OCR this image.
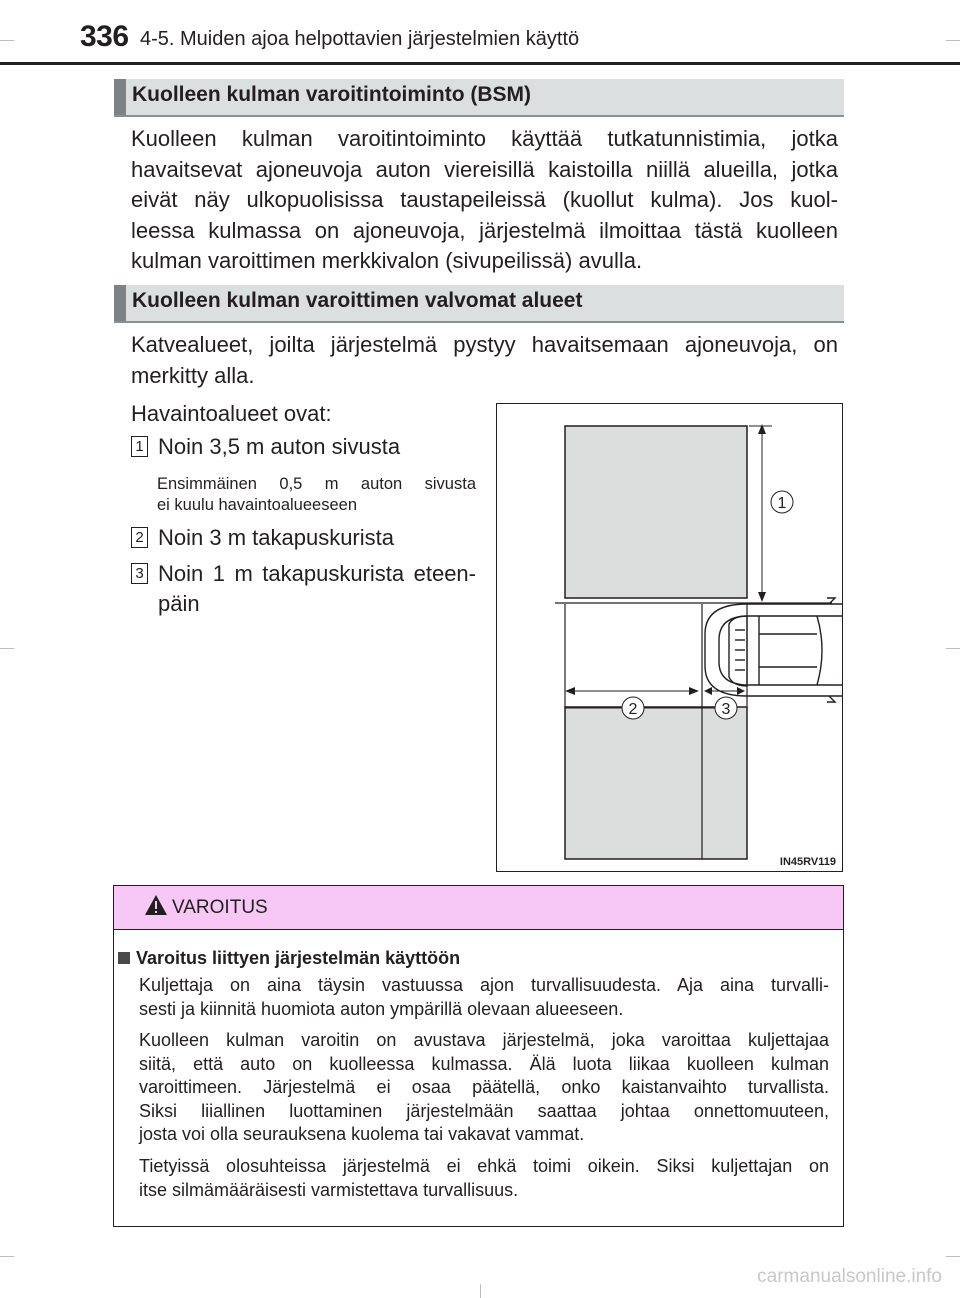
336 4-5. Muiden ajoa helpottavien järjestelmien käyttö
Kuolleen kulman varoitintoiminto (BSM)
Kuolleen kulman varoitintoiminto käyttää tutkatunnistimia, jotka
havaitsevat ajoneuvoja auton viereisillä kaistoilla niillä alueilla, jotka
eivät näy ulkopuolisissa taustapeileissä (kuollut kulma). Jos kuol-
leessa kulmassa on ajoneuvoja, järjestelmä ilmoittaa tästä kuolleen
kulman varoittimen merkkivalon (sivupeilissä) avulla.
Kuolleen kulman varoittimen valvomat alueet
Katvealueet, joilta järjestelmä pystyy havaitsemaan ajoneuvoja, on
merkitty alla.
Havaintoalueet ovat:
1 Noin 3,5 m auton sivusta
Ensimmäinen 0,5 m auton sivusta
ei kuulu havaintoalueeseen
2 Noin 3 m takapuskurista
3 Noin 1 m takapuskurista eteen-
päin
1
2	3
IN45RV119
VAROITUS
Varoitus liittyen järjestelmän käyttöön
Kuljettaja on aina täysin vastuussa ajon turvallisuudesta. Aja aina turvalli-
sesti ja kiinnitä huomiota auton ympärillä olevaan alueeseen.
Kuolleen kulman varoitin on avustava järjestelmä, joka varoittaa kuljettajaa
siitä, että auto on kuolleessa kulmassa. Älä luota liikaa kuolleen kulman
varoittimeen. Järjestelmä ei osaa päätellä, onko kaistanvaihto turvallista.
Siksi liiallinen luottaminen järjestelmään saattaa johtaa onnettomuuteen,
josta voi olla seurauksena kuolema tai vakavat vammat.
Tietyissä olosuhteissa järjestelmä ei ehkä toimi oikein. Siksi kuljettajan on
itse silmämääräisesti varmistettava turvallisuus.
carmanualsonline.info
